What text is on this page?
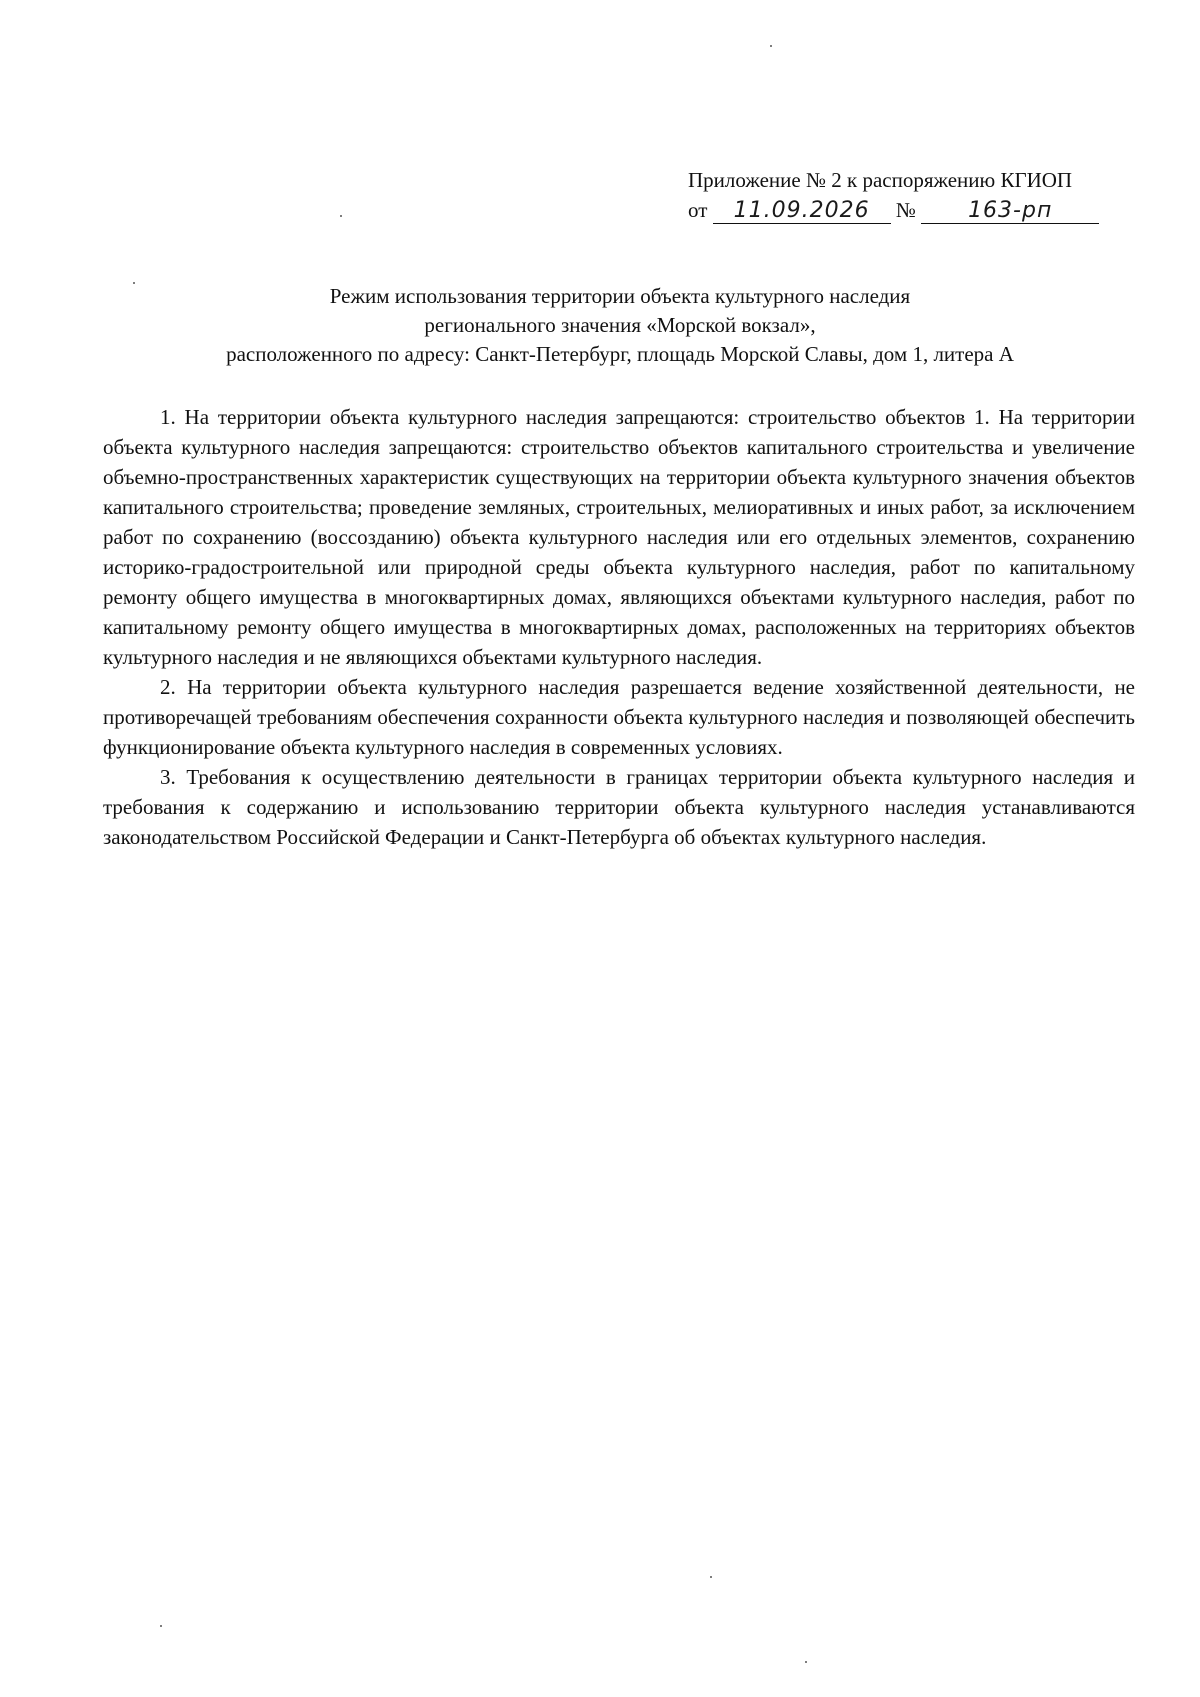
Приложение № 2 к распоряжению КГИОП
от 11.09.2026 № 163-рп
Режим использования территории объекта культурного наследия
регионального значения «Морской вокзал»,
расположенного по адресу: Санкт-Петербург, площадь Морской Славы, дом 1, литера А

1. На территории объекта культурного наследия запрещаются: строительство объектов 1. На территории объекта культурного наследия запрещаются: строительство объектов капитального строительства и увеличение объемно-пространственных характеристик существующих на территории объекта культурного значения объектов капитального строительства; проведение земляных, строительных, мелиоративных и иных работ, за исключением работ по сохранению (воссозданию) объекта культурного наследия или его отдельных элементов, сохранению историко-градостроительной или природной среды объекта культурного наследия, работ по капитальному ремонту общего имущества в многоквартирных домах, являющихся объектами культурного наследия, работ по капитальному ремонту общего имущества в многоквартирных домах, расположенных на территориях объектов культурного наследия и не являющихся объектами культурного наследия.

2. На территории объекта культурного наследия разрешается ведение хозяйственной деятельности, не противоречащей требованиям обеспечения сохранности объекта культурного наследия и позволяющей обеспечить функционирование объекта культурного наследия в современных условиях.

3. Требования к осуществлению деятельности в границах территории объекта культурного наследия и требования к содержанию и использованию территории объекта культурного наследия устанавливаются законодательством Российской Федерации и Санкт-Петербурга об объектах культурного наследия.
